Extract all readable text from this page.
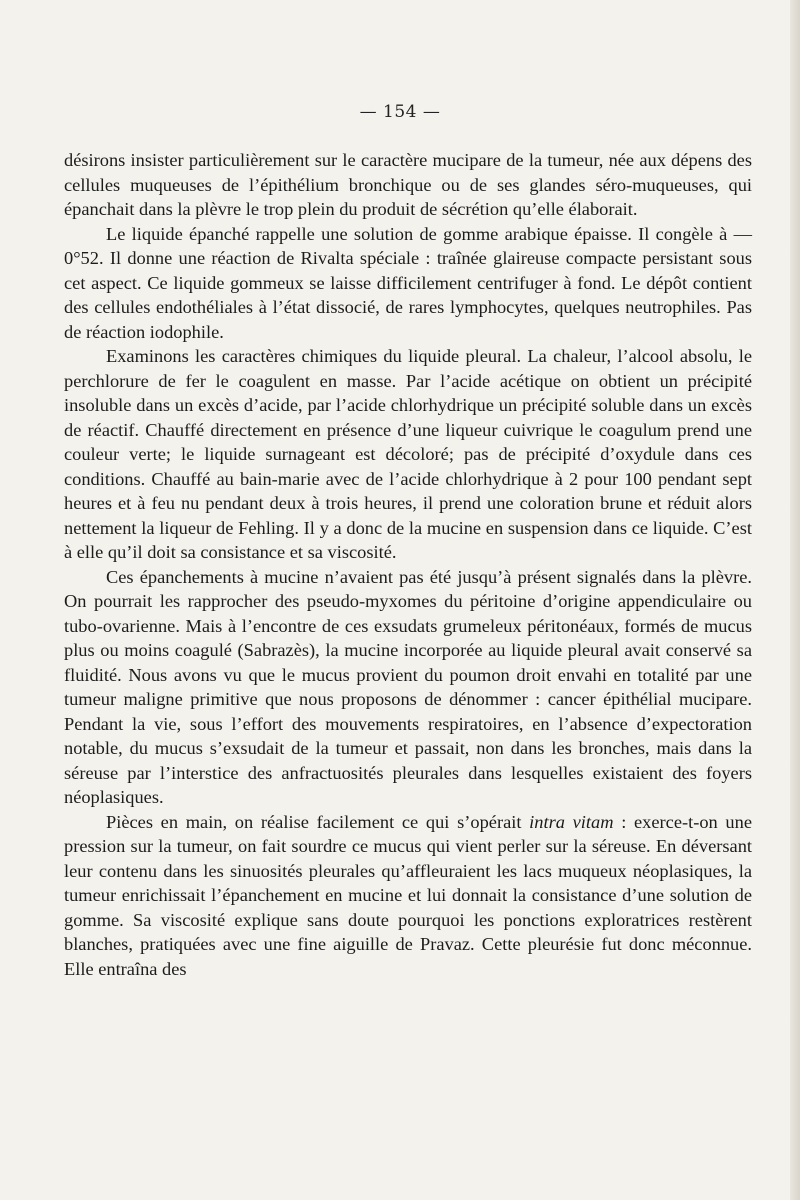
— 154 —

désirons insister particulièrement sur le caractère mucipare de la tumeur, née aux dépens des cellules muqueuses de l’épithélium bronchique ou de ses glandes séro-muqueuses, qui épanchait dans la plèvre le trop plein du produit de sécrétion qu’elle élaborait.

Le liquide épanché rappelle une solution de gomme arabique épaisse. Il congèle à — 0°52. Il donne une réaction de Rivalta spéciale : traînée glaireuse compacte persistant sous cet aspect. Ce liquide gommeux se laisse difficilement centrifuger à fond. Le dépôt contient des cellules endothéliales à l’état dissocié, de rares lymphocytes, quelques neutrophiles. Pas de réaction iodophile.

Examinons les caractères chimiques du liquide pleural. La chaleur, l’alcool absolu, le perchlorure de fer le coagulent en masse. Par l’acide acétique on obtient un précipité insoluble dans un excès d’acide, par l’acide chlorhydrique un précipité soluble dans un excès de réactif. Chauffé directement en présence d’une liqueur cuivrique le coagulum prend une couleur verte; le liquide surnageant est décoloré; pas de précipité d’oxydule dans ces conditions. Chauffé au bain-marie avec de l’acide chlorhydrique à 2 pour 100 pendant sept heures et à feu nu pendant deux à trois heures, il prend une coloration brune et réduit alors nettement la liqueur de Fehling. Il y a donc de la mucine en suspension dans ce liquide. C’est à elle qu’il doit sa consistance et sa viscosité.

Ces épanchements à mucine n’avaient pas été jusqu’à présent signalés dans la plèvre. On pourrait les rapprocher des pseudo-myxomes du péritoine d’origine appendiculaire ou tubo-ovarienne. Mais à l’encontre de ces exsudats grumeleux péritonéaux, formés de mucus plus ou moins coagulé (Sabrazès), la mucine incorporée au liquide pleural avait conservé sa fluidité. Nous avons vu que le mucus provient du poumon droit envahi en totalité par une tumeur maligne primitive que nous proposons de dénommer : cancer épithélial mucipare. Pendant la vie, sous l’effort des mouvements respiratoires, en l’absence d’expectoration notable, du mucus s’exsudait de la tumeur et passait, non dans les bronches, mais dans la séreuse par l’interstice des anfractuosités pleurales dans lesquelles existaient des foyers néoplasiques.

Pièces en main, on réalise facilement ce qui s’opérait intra vitam : exerce-t-on une pression sur la tumeur, on fait sourdre ce mucus qui vient perler sur la séreuse. En déversant leur contenu dans les sinuosités pleurales qu’affleuraient les lacs muqueux néoplasiques, la tumeur enrichissait l’épanchement en mucine et lui donnait la consistance d’une solution de gomme. Sa viscosité explique sans doute pourquoi les ponctions exploratrices restèrent blanches, pratiquées avec une fine aiguille de Pravaz. Cette pleurésie fut donc méconnue. Elle entraîna des
